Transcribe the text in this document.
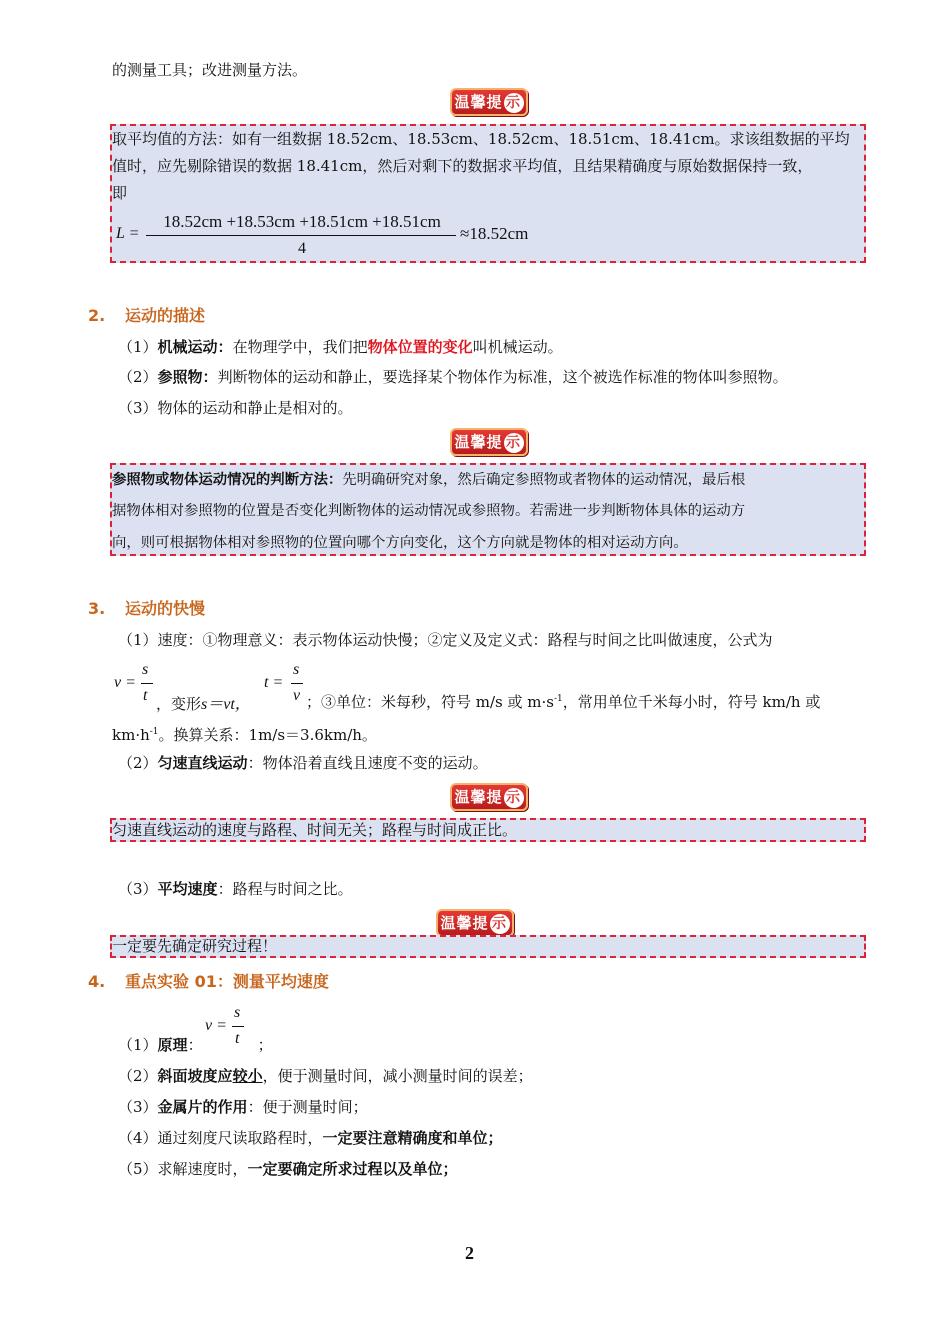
的测量工具；改进测量方法。
温馨提 示
取平均值的方法：如有一组数据 18.52cm、18.53cm、18.52cm、18.51cm、18.41cm。求该组数据的平均
值时，应先剔除错误的数据 18.41cm，然后对剩下的数据求平均值，且结果精确度与原始数据保持一致，
即
L =
18.52cm +18.53cm +18.51cm +18.51cm
4
≈18.52cm
2. 运动的描述
（1）机械运动：在物理学中，我们把物体位置的变化叫机械运动。
（2）参照物：判断物体的运动和静止，要选择某个物体作为标准，这个被选作标准的物体叫参照物。
（3）物体的运动和静止是相对的。
温馨提 示
参照物或物体运动情况的判断方法：先明确研究对象，然后确定参照物或者物体的运动情况，最后根
据物体相对参照物的位置是否变化判断物体的运动情况或参照物。若需进一步判断物体具体的运动方
向，则可根据物体相对参照物的位置向哪个方向变化，这个方向就是物体的相对运动方向。
3. 运动的快慢
（1）速度：①物理意义：表示物体运动快慢；②定义及定义式：路程与时间之比叫做速度，公式为
v =
s
t ，变形s＝vt，
t =
s
v ；③单位：米每秒，符号 m/s 或 $m\cdot s^{-1}$，常用单位千米每小时，符号 km/h 或
$km\cdot h^{-1}$。换算关系：1m/s＝3.6km/h。
（2）匀速直线运动：物体沿着直线且速度不变的运动。
温馨提 示
匀速直线运动的速度与路程、时间无关；路程与时间成正比。
（3）平均速度：路程与时间之比。
温馨提 示
一定要先确定研究过程！
4. 重点实验 01：测量平均速度
v =
s
t
（1）原理：	；
（2）斜面坡度应较小，便于测量时间，减小测量时间的误差；
（3）金属片的作用：便于测量时间；
（4）通过刻度尺读取路程时，一定要注意精确度和单位；
（5）求解速度时，一定要确定所求过程以及单位；
2
